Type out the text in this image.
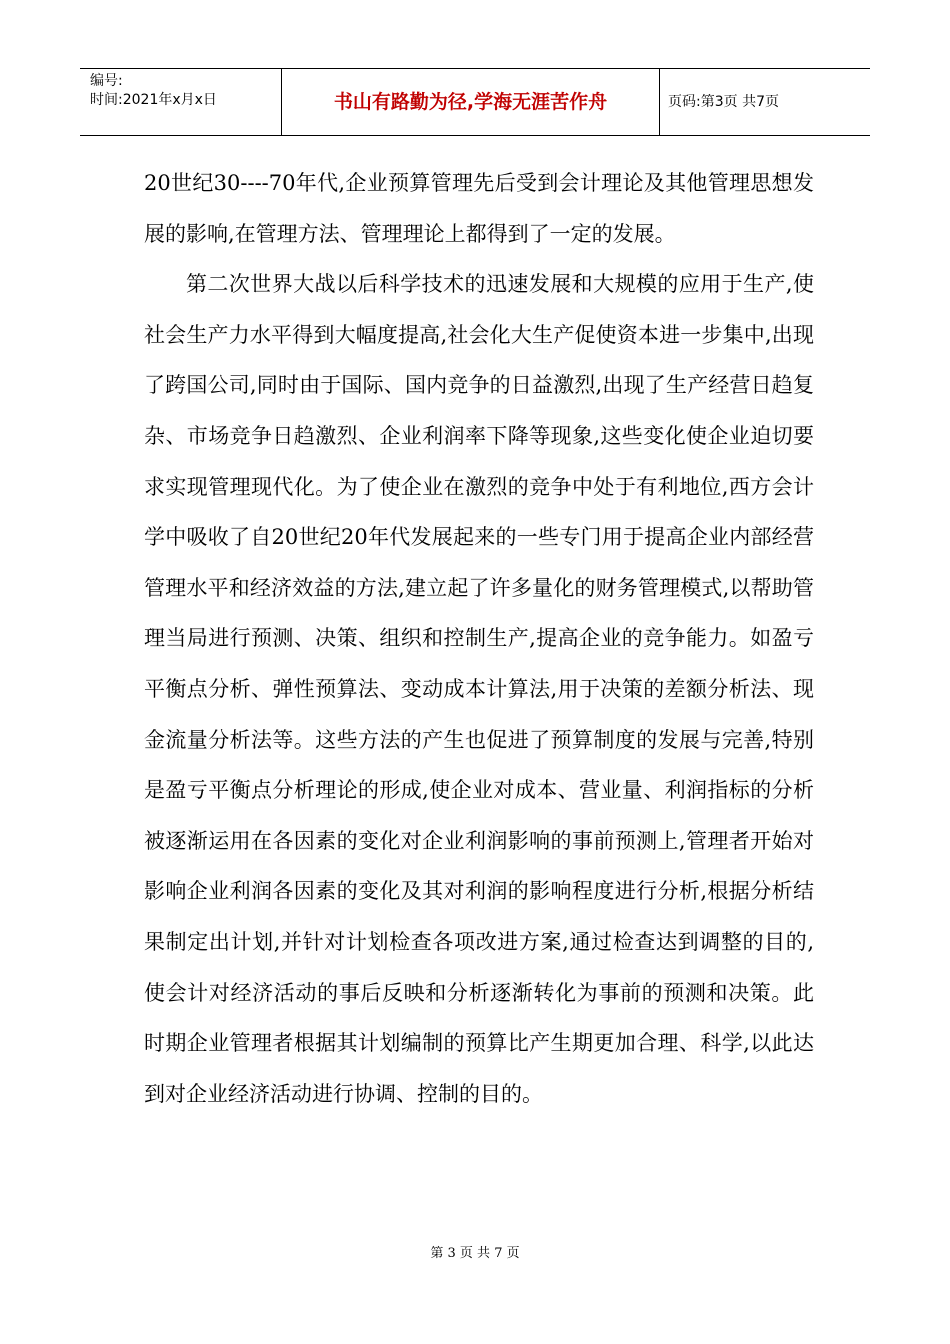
编号:
时间:2021年x月x日	书山有路勤为径,学海无涯苦作舟	页码:第3页 共7页

20世纪30----70年代,企业预算管理先后受到会计理论及其他管理思想发展的影响,在管理方法、管理理论上都得到了一定的发展。

第二次世界大战以后科学技术的迅速发展和大规模的应用于生产,使社会生产力水平得到大幅度提高,社会化大生产促使资本进一步集中,出现了跨国公司,同时由于国际、国内竞争的日益激烈,出现了生产经营日趋复杂、市场竞争日趋激烈、企业利润率下降等现象,这些变化使企业迫切要求实现管理现代化。为了使企业在激烈的竞争中处于有利地位,西方会计学中吸收了自20世纪20年代发展起来的一些专门用于提高企业内部经营管理水平和经济效益的方法,建立起了许多量化的财务管理模式,以帮助管理当局进行预测、决策、组织和控制生产,提高企业的竞争能力。如盈亏平衡点分析、弹性预算法、变动成本计算法,用于决策的差额分析法、现金流量分析法等。这些方法的产生也促进了预算制度的发展与完善,特别是盈亏平衡点分析理论的形成,使企业对成本、营业量、利润指标的分析被逐渐运用在各因素的变化对企业利润影响的事前预测上,管理者开始对影响企业利润各因素的变化及其对利润的影响程度进行分析,根据分析结果制定出计划,并针对计划检查各项改进方案,通过检查达到调整的目的,使会计对经济活动的事后反映和分析逐渐转化为事前的预测和决策。此时期企业管理者根据其计划编制的预算比产生期更加合理、科学,以此达到对企业经济活动进行协调、控制的目的。

第 3 页 共 7 页
